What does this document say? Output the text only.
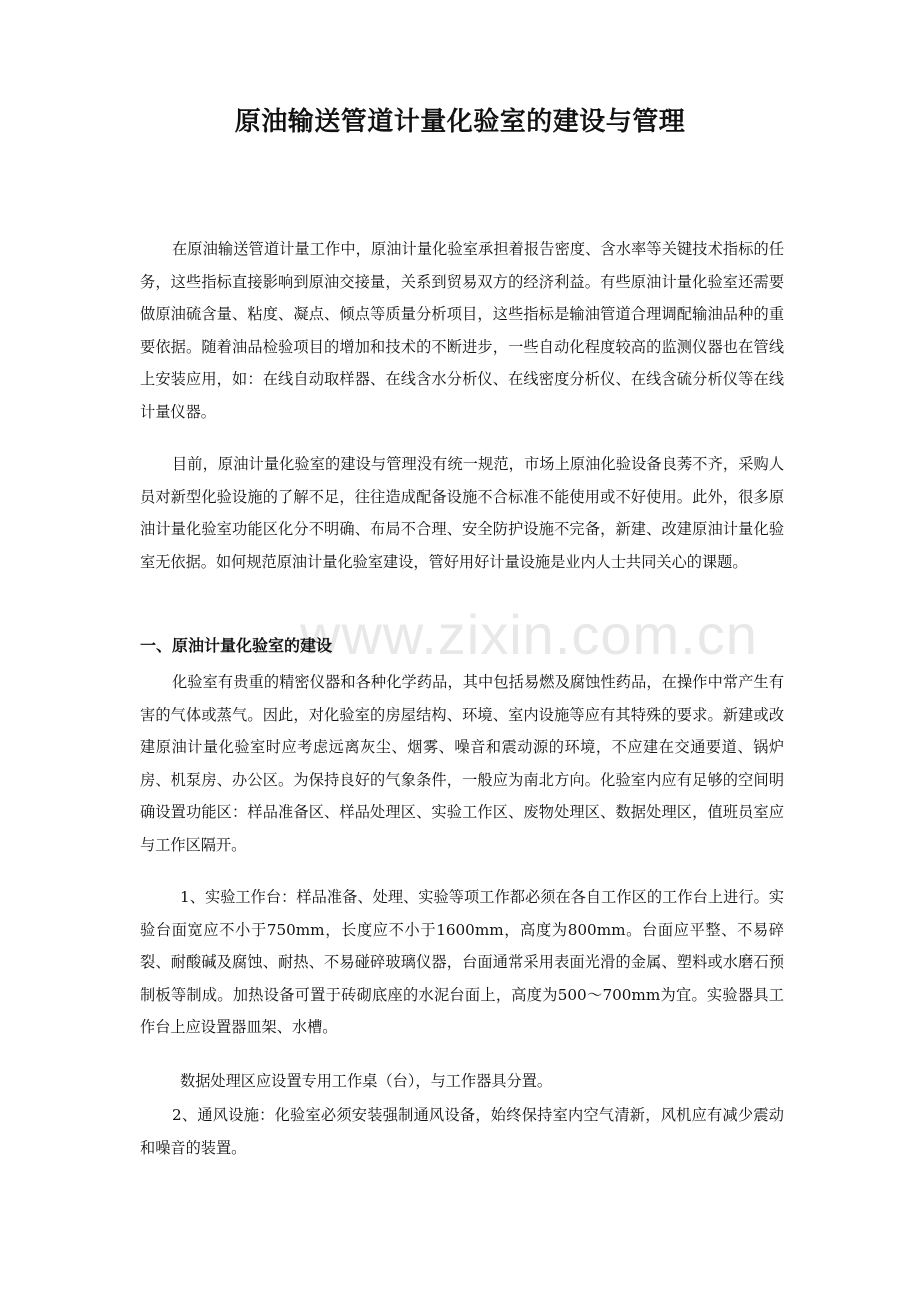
原油输送管道计量化验室的建设与管理

在原油输送管道计量工作中，原油计量化验室承担着报告密度、含水率等关键技术指标的任务，这些指标直接影响到原油交接量，关系到贸易双方的经济利益。有些原油计量化验室还需要做原油硫含量、粘度、凝点、倾点等质量分析项目，这些指标是输油管道合理调配输油品种的重要依据。随着油品检验项目的增加和技术的不断进步，一些自动化程度较高的监测仪器也在管线上安装应用，如：在线自动取样器、在线含水分析仪、在线密度分析仪、在线含硫分析仪等在线计量仪器。

目前，原油计量化验室的建设与管理没有统一规范，市场上原油化验设备良莠不齐，采购人员对新型化验设施的了解不足，往往造成配备设施不合标准不能使用或不好使用。此外，很多原油计量化验室功能区化分不明确、布局不合理、安全防护设施不完备，新建、改建原油计量化验室无依据。如何规范原油计量化验室建设，管好用好计量设施是业内人士共同关心的课题。

www.zixin.com.cn
一、原油计量化验室的建设

化验室有贵重的精密仪器和各种化学药品，其中包括易燃及腐蚀性药品，在操作中常产生有害的气体或蒸气。因此，对化验室的房屋结构、环境、室内设施等应有其特殊的要求。新建或改建原油计量化验室时应考虑远离灰尘、烟雾、噪音和震动源的环境，不应建在交通要道、锅炉房、机泵房、办公区。为保持良好的气象条件，一般应为南北方向。化验室内应有足够的空间明确设置功能区：样品准备区、样品处理区、实验工作区、废物处理区、数据处理区，值班员室应与工作区隔开。

1、实验工作台：样品准备、处理、实验等项工作都必须在各自工作区的工作台上进行。实验台面宽应不小于750mm，长度应不小于1600mm，高度为800mm。台面应平整、不易碎裂、耐酸碱及腐蚀、耐热、不易碰碎玻璃仪器，台面通常采用表面光滑的金属、塑料或水磨石预制板等制成。加热设备可置于砖砌底座的水泥台面上，高度为500～700mm为宜。实验器具工作台上应设置器皿架、水槽。

数据处理区应设置专用工作桌（台），与工作器具分置。

2、通风设施：化验室必须安装强制通风设备，始终保持室内空气清新，风机应有减少震动和噪音的装置。
